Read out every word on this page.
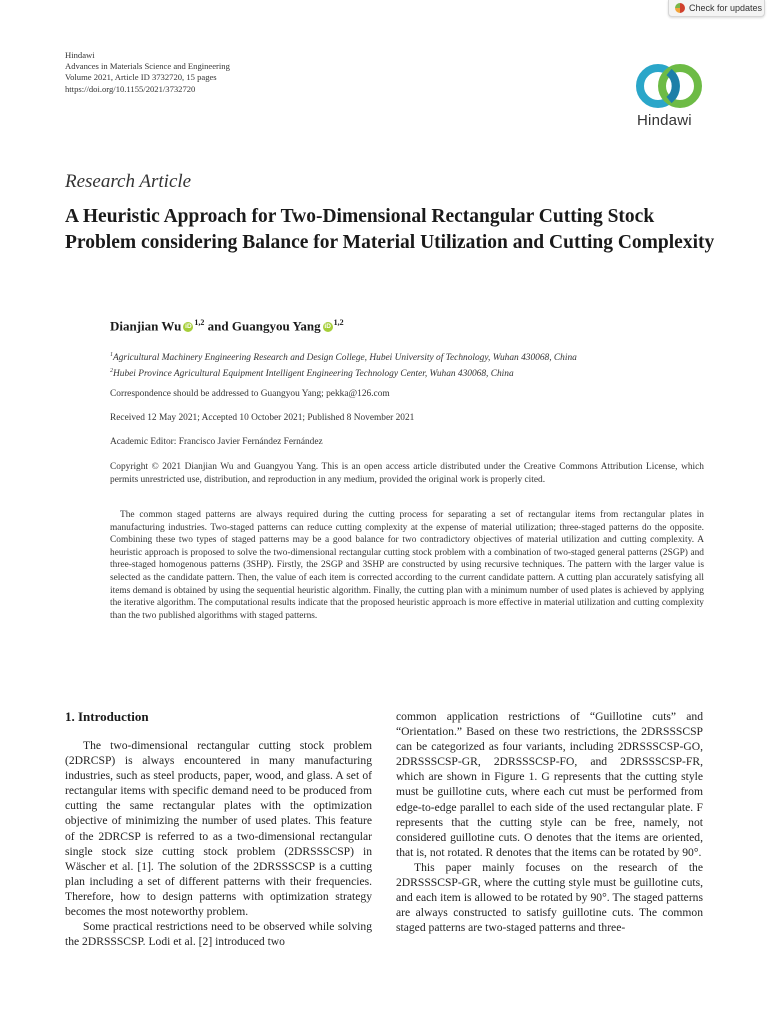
Check for updates
Hindawi
Advances in Materials Science and Engineering
Volume 2021, Article ID 3732720, 15 pages
https://doi.org/10.1155/2021/3732720
Hindawi
Research Article
A Heuristic Approach for Two-Dimensional Rectangular Cutting Stock Problem considering Balance for Material Utilization and Cutting Complexity
Dianjian Wu iD $^{1,2}$ and Guangyou Yang iD $^{1,2}$
$^1$Agricultural Machinery Engineering Research and Design College, Hubei University of Technology, Wuhan 430068, China
$^2$Hubei Province Agricultural Equipment Intelligent Engineering Technology Center, Wuhan 430068, China
Correspondence should be addressed to Guangyou Yang; pekka@126.com
Received 12 May 2021; Accepted 10 October 2021; Published 8 November 2021
Academic Editor: Francisco Javier Fernández Fernández
Copyright © 2021 Dianjian Wu and Guangyou Yang. This is an open access article distributed under the Creative Commons Attribution License, which permits unrestricted use, distribution, and reproduction in any medium, provided the original work is properly cited.
The common staged patterns are always required during the cutting process for separating a set of rectangular items from rectangular plates in manufacturing industries. Two-staged patterns can reduce cutting complexity at the expense of material utilization; three-staged patterns do the opposite. Combining these two types of staged patterns may be a good balance for two contradictory objectives of material utilization and cutting complexity. A heuristic approach is proposed to solve the two-dimensional rectangular cutting stock problem with a combination of two-staged general patterns (2SGP) and three-staged homogenous patterns (3SHP). Firstly, the 2SGP and 3SHP are constructed by using recursive techniques. The pattern with the larger value is selected as the candidate pattern. Then, the value of each item is corrected according to the current candidate pattern. A cutting plan accurately satisfying all items demand is obtained by using the sequential heuristic algorithm. Finally, the cutting plan with a minimum number of used plates is achieved by applying the iterative algorithm. The computational results indicate that the proposed heuristic approach is more effective in material utilization and cutting complexity than the two published algorithms with staged patterns.
1. Introduction

The two-dimensional rectangular cutting stock problem (2DRCSP) is always encountered in many manufacturing industries, such as steel products, paper, wood, and glass. A set of rectangular items with specific demand need to be produced from cutting the same rectangular plates with the optimization objective of minimizing the number of used plates. This feature of the 2DRCSP is referred to as a two-dimensional rectangular single stock size cutting stock problem (2DRSSSCSP) in Wäscher et al. [1]. The solution of the 2DRSSSCSP is a cutting plan including a set of different patterns with their frequencies. Therefore, how to design patterns with optimization strategy becomes the most noteworthy problem.

Some practical restrictions need to be observed while solving the 2DRSSSCSP. Lodi et al. [2] introduced two

common application restrictions of “Guillotine cuts” and “Orientation.” Based on these two restrictions, the 2DRSSSCSP can be categorized as four variants, including 2DRSSSCSP-GO, 2DRSSSCSP-GR, 2DRSSSCSP-FO, and 2DRSSSCSP-FR, which are shown in Figure 1. G represents that the cutting style must be guillotine cuts, where each cut must be performed from edge-to-edge parallel to each side of the used rectangular plate. F represents that the cutting style can be free, namely, not considered guillotine cuts. O denotes that the items are oriented, that is, not rotated. R denotes that the items can be rotated by 90°.

This paper mainly focuses on the research of the 2DRSSSCSP-GR, where the cutting style must be guillotine cuts, and each item is allowed to be rotated by 90°. The staged patterns are always constructed to satisfy guillotine cuts. The common staged patterns are two-staged patterns and three-
